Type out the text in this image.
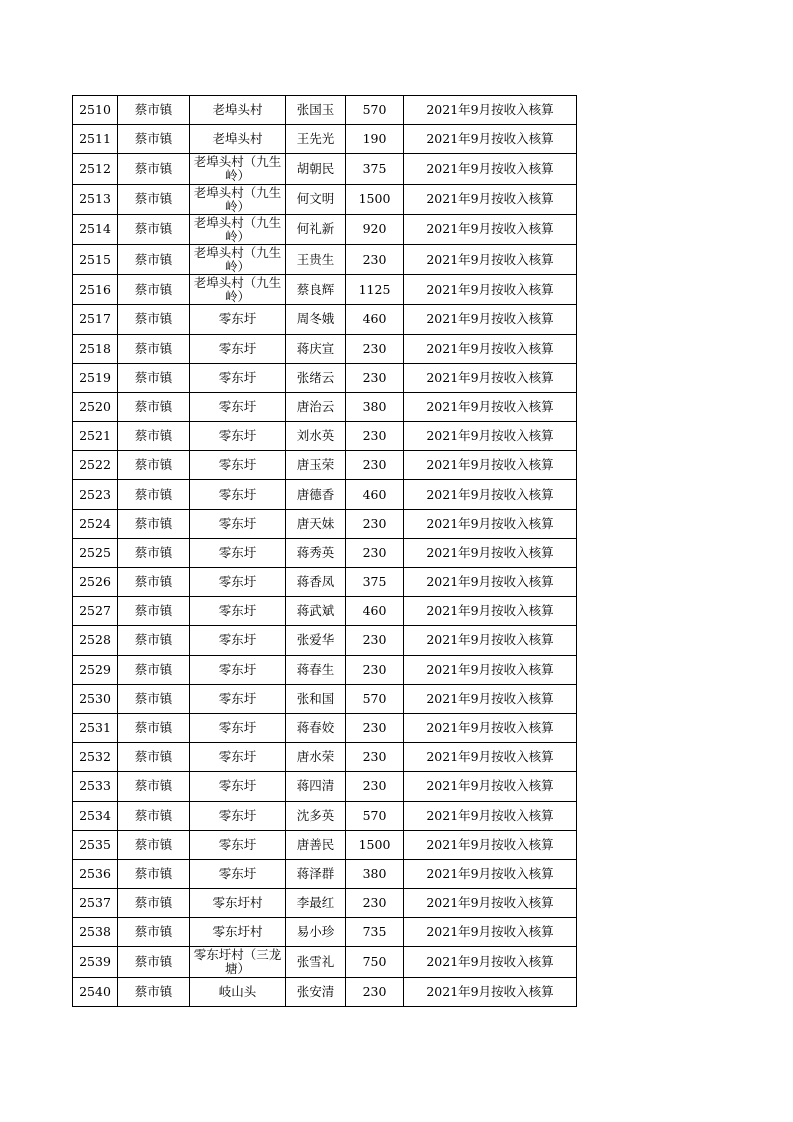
2510	蔡市镇	老埠头村	张国玉	570	2021年9月按收入核算
2511	蔡市镇	老埠头村	王先光	190	2021年9月按收入核算
2512	蔡市镇	老埠头村（九生岭）	胡朝民	375	2021年9月按收入核算
2513	蔡市镇	老埠头村（九生岭）	何文明	1500	2021年9月按收入核算
2514	蔡市镇	老埠头村（九生岭）	何礼新	920	2021年9月按收入核算
2515	蔡市镇	老埠头村（九生岭）	王贵生	230	2021年9月按收入核算
2516	蔡市镇	老埠头村（九生岭）	蔡良辉	1125	2021年9月按收入核算
2517	蔡市镇	零东圩	周冬娥	460	2021年9月按收入核算
2518	蔡市镇	零东圩	蒋庆宣	230	2021年9月按收入核算
2519	蔡市镇	零东圩	张绪云	230	2021年9月按收入核算
2520	蔡市镇	零东圩	唐治云	380	2021年9月按收入核算
2521	蔡市镇	零东圩	刘水英	230	2021年9月按收入核算
2522	蔡市镇	零东圩	唐玉荣	230	2021年9月按收入核算
2523	蔡市镇	零东圩	唐德香	460	2021年9月按收入核算
2524	蔡市镇	零东圩	唐天妹	230	2021年9月按收入核算
2525	蔡市镇	零东圩	蒋秀英	230	2021年9月按收入核算
2526	蔡市镇	零东圩	蒋香凤	375	2021年9月按收入核算
2527	蔡市镇	零东圩	蒋武斌	460	2021年9月按收入核算
2528	蔡市镇	零东圩	张爱华	230	2021年9月按收入核算
2529	蔡市镇	零东圩	蒋春生	230	2021年9月按收入核算
2530	蔡市镇	零东圩	张和国	570	2021年9月按收入核算
2531	蔡市镇	零东圩	蒋春姣	230	2021年9月按收入核算
2532	蔡市镇	零东圩	唐水荣	230	2021年9月按收入核算
2533	蔡市镇	零东圩	蒋四清	230	2021年9月按收入核算
2534	蔡市镇	零东圩	沈多英	570	2021年9月按收入核算
2535	蔡市镇	零东圩	唐善民	1500	2021年9月按收入核算
2536	蔡市镇	零东圩	蒋泽群	380	2021年9月按收入核算
2537	蔡市镇	零东圩村	李最红	230	2021年9月按收入核算
2538	蔡市镇	零东圩村	易小珍	735	2021年9月按收入核算
2539	蔡市镇	零东圩村（三龙塘）	张雪礼	750	2021年9月按收入核算
2540	蔡市镇	岐山头	张安清	230	2021年9月按收入核算
